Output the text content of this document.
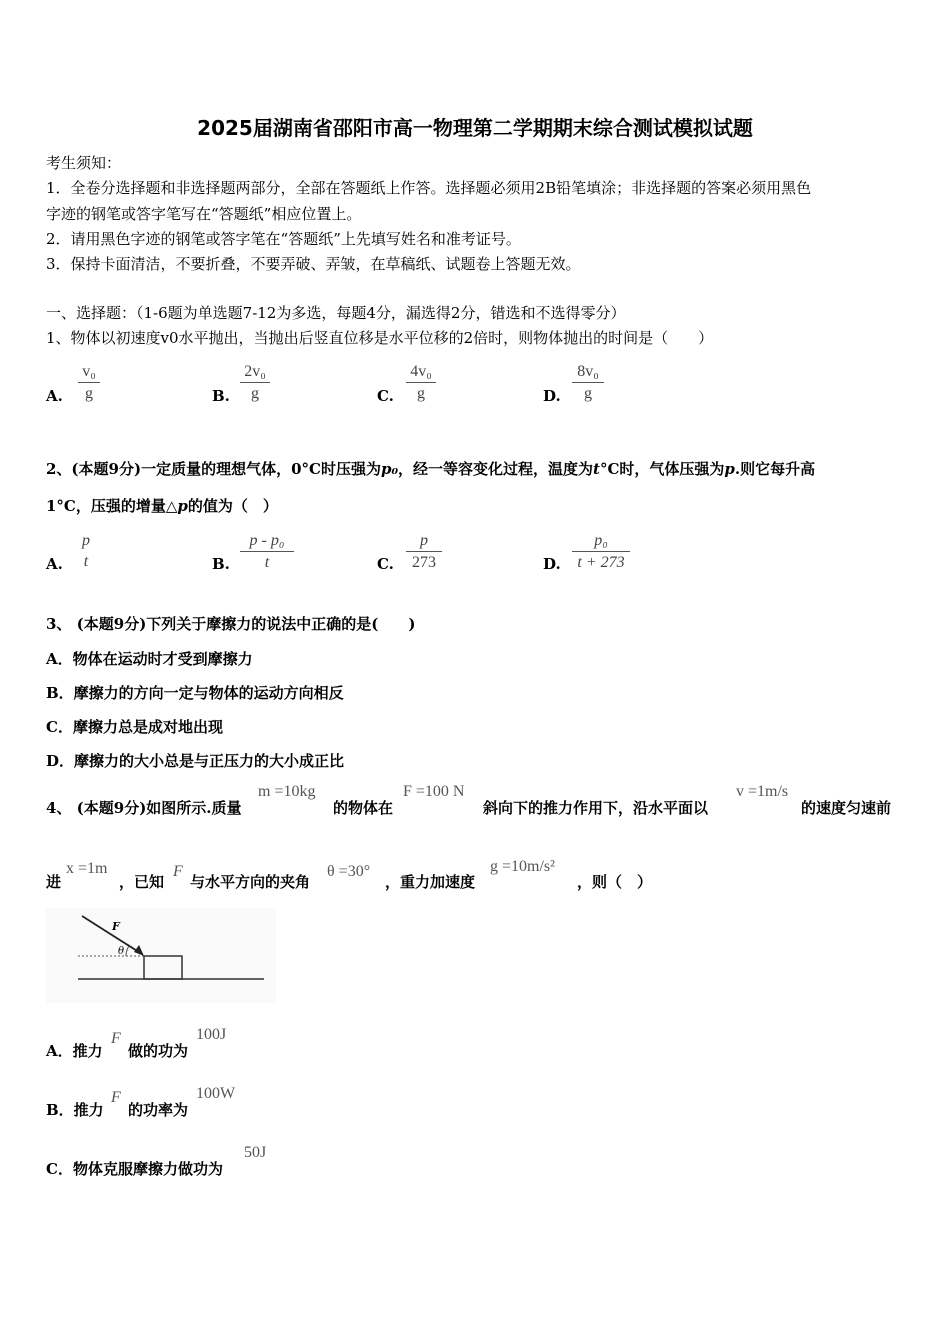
2025届湖南省邵阳市高一物理第二学期期末综合测试模拟试题
考生须知：
1．全卷分选择题和非选择题两部分，全部在答题纸上作答。选择题必须用2B铅笔填涂；非选择题的答案必须用黑色
字迹的钢笔或答字笔写在“答题纸”相应位置上。
2．请用黑色字迹的钢笔或答字笔在“答题纸”上先填写姓名和准考证号。
3．保持卡面清洁，不要折叠，不要弄破、弄皱，在草稿纸、试题卷上答题无效。
一、选择题：（1-6题为单选题7-12为多选，每题4分，漏选得2分，错选和不选得零分）
1、物体以初速度v0水平抛出，当抛出后竖直位移是水平位移的2倍时，则物体抛出的时间是（　　）
A. $\frac{\text{v₀}}{g}$	B. $\frac{\text{2v₀}}{g}$	C. $\frac{\text{4v₀}}{g}$	D. $\frac{\text{8v₀}}{g}$
2、(本题9分)一定质量的理想气体，0°C时压强为p₀，经一等容变化过程，温度为t°C时，气体压强为p.则它每升高
1°C，压强的增量△p的值为（　）
A.
p
t	B. $\frac{\text{p - p₀}}{t}$	C. $\frac{p}{273}$	D. $\frac{\text{p₀}}{t + 273}$
3、 (本题9分)下列关于摩擦力的说法中正确的是(　　)
A．物体在运动时才受到摩擦力
B．摩擦力的方向一定与物体的运动方向相反
C．摩擦力总是成对地出现
D．摩擦力的大小总是与正压力的大小成正比
4、 (本题9分)如图所示.质量
m =10kg
的物体在
F =100 N
斜向下的推力作用下，沿水平面以
v =1m/s
的速度匀速前
进
x =1m
，已知
F
与水平方向的夹角
θ =30°
，重力加速度
g =10m/s²
，则（　）
F
θ
A．推力
F
做的功为
100J
B．推力
F
的功率为
100W
C．物体克服摩擦力做功为
50J
